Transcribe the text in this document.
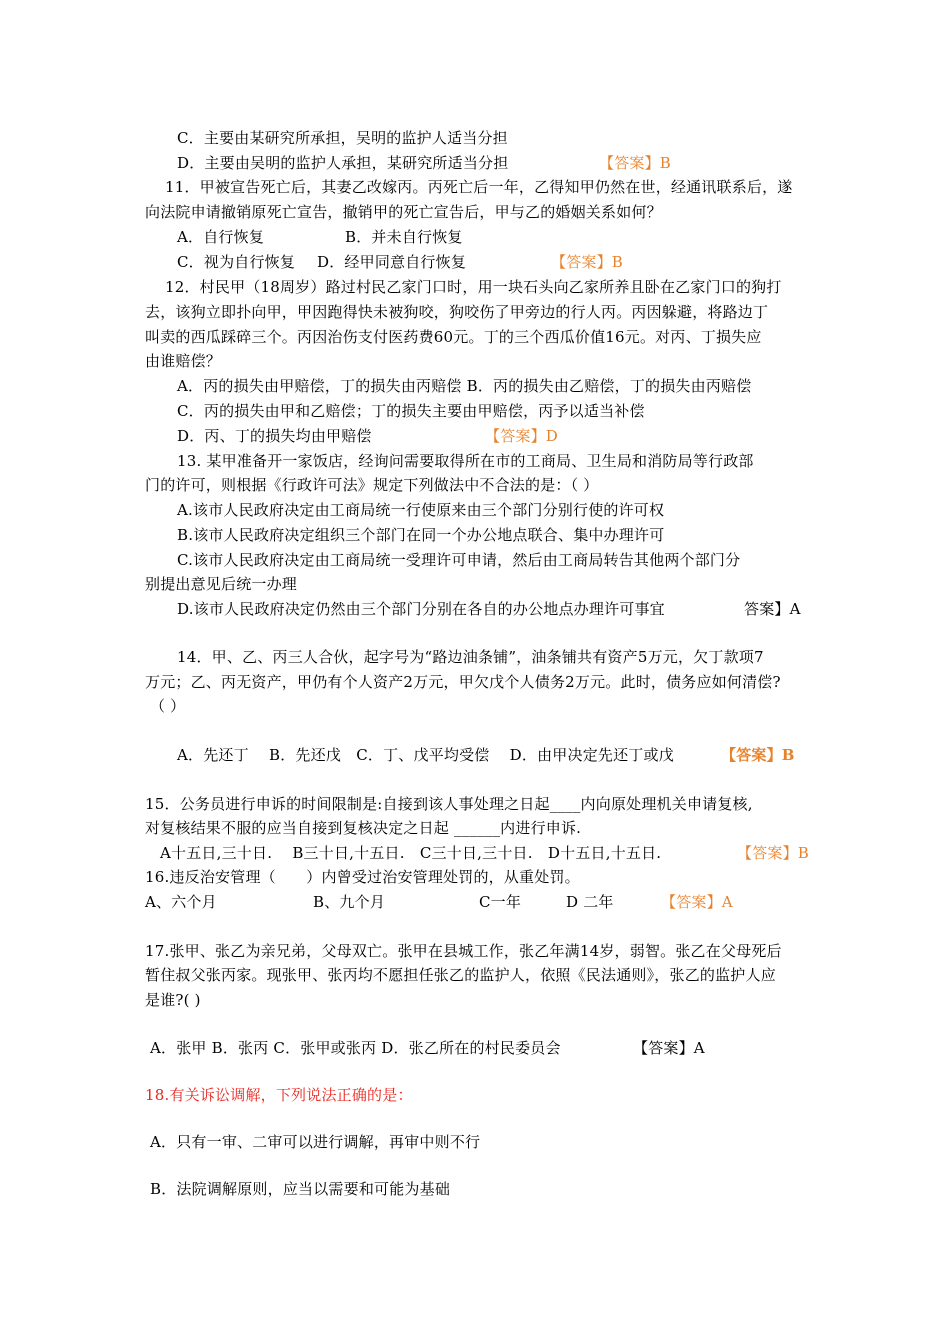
C．主要由某研究所承担，吴明的监护人适当分担
D．主要由吴明的监护人承担，某研究所适当分担	【答案】B
11．甲被宣告死亡后，其妻乙改嫁丙。丙死亡后一年，乙得知甲仍然在世，经通讯联系后，遂
向法院申请撤销原死亡宣告，撤销甲的死亡宣告后，甲与乙的婚姻关系如何？
A．自行恢复	B．并未自行恢复
C．视为自行恢复 D．经甲同意自行恢复	【答案】B
12．村民甲（18周岁）路过村民乙家门口时，用一块石头向乙家所养且卧在乙家门口的狗打
去，该狗立即扑向甲，甲因跑得快未被狗咬，狗咬伤了甲旁边的行人丙。丙因躲避，将路边丁
叫卖的西瓜踩碎三个。丙因治伤支付医药费60元。丁的三个西瓜价值16元。对丙、丁损失应
由谁赔偿？
A．丙的损失由甲赔偿，丁的损失由丙赔偿 B．丙的损失由乙赔偿，丁的损失由丙赔偿
C．丙的损失由甲和乙赔偿；丁的损失主要由甲赔偿，丙予以适当补偿
D．丙、丁的损失均由甲赔偿	【答案】D
13. 某甲准备开一家饭店，经询问需要取得所在市的工商局、卫生局和消防局等行政部
门的许可，则根据《行政许可法》规定下列做法中不合法的是：（ ）
A.该市人民政府决定由工商局统一行使原来由三个部门分别行使的许可权
B.该市人民政府决定组织三个部门在同一个办公地点联合、集中办理许可
C.该市人民政府决定由工商局统一受理许可申请，然后由工商局转告其他两个部门分
别提出意见后统一办理
D.该市人民政府决定仍然由三个部门分别在各自的办公地点办理许可事宜	答案】A
14．甲、乙、丙三人合伙，起字号为“路边油条铺”，油条铺共有资产5万元，欠丁款项7
万元；乙、丙无资产，甲仍有个人资产2万元，甲欠戊个人债务2万元。此时，债务应如何清偿?
（ ）
A．先还丁　 B．先还戊　C．丁、戊平均受偿　 D．由甲决定先还丁或戊	【答案】B
15．公务员进行申诉的时间限制是:自接到该人事处理之日起____内向原处理机关申请复核,
对复核结果不服的应当自接到复核决定之日起 ______内进行申诉.
A十五日,三十日.　 B三十日,十五日.　C三十日,三十日.　D十五日,十五日.	【答案】B
16.违反治安管理（　　）内曾受过治安管理处罚的，从重处罚。
A、六个月	B、九个月	C一年	D 二年	【答案】A
17.张甲、张乙为亲兄弟，父母双亡。张甲在县城工作，张乙年满14岁，弱智。张乙在父母死后
暂住叔父张丙家。现张甲、张丙均不愿担任张乙的监护人，依照《民法通则》，张乙的监护人应
是谁?( )
A．张甲 B．张丙 C．张甲或张丙 D．张乙所在的村民委员会	【答案】A
18.有关诉讼调解，下列说法正确的是：
A．只有一审、二审可以进行调解，再审中则不行
B．法院调解原则，应当以需要和可能为基础
